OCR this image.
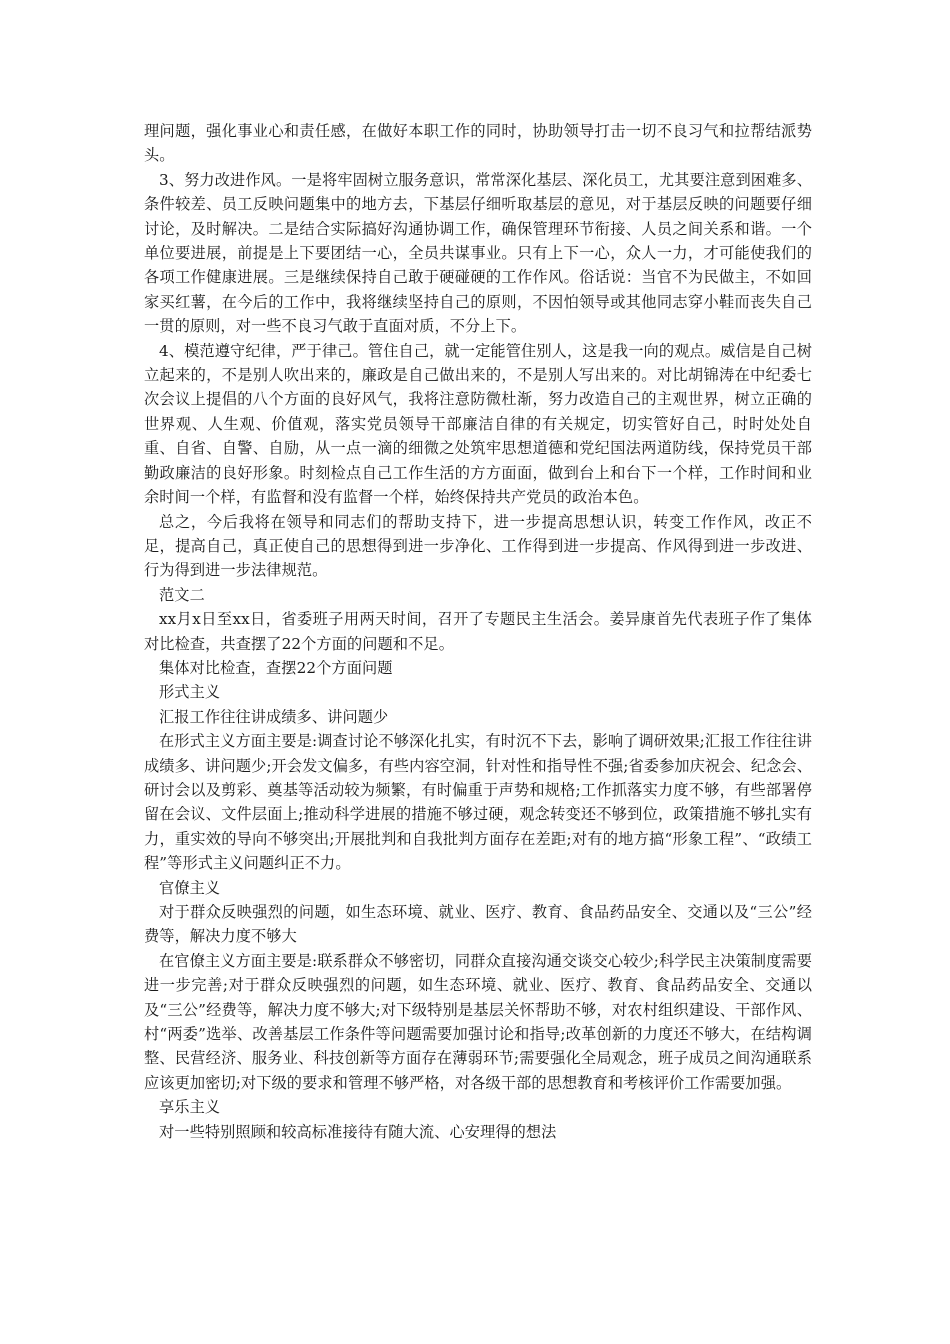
理问题，强化事业心和责任感，在做好本职工作的同时，协助领导打击一切不良习气和拉帮结派势头。

3、努力改进作风。一是将牢固树立服务意识，常常深化基层、深化员工，尤其要注意到困难多、条件较差、员工反映问题集中的地方去，下基层仔细听取基层的意见，对于基层反映的问题要仔细讨论，及时解决。二是结合实际搞好沟通协调工作，确保管理环节衔接、人员之间关系和谐。一个单位要进展，前提是上下要团结一心，全员共谋事业。只有上下一心，众人一力，才可能使我们的各项工作健康进展。三是继续保持自己敢于硬碰硬的工作作风。俗话说：当官不为民做主，不如回家买红薯，在今后的工作中，我将继续坚持自己的原则，不因怕领导或其他同志穿小鞋而丧失自己一贯的原则，对一些不良习气敢于直面对质，不分上下。

4、模范遵守纪律，严于律己。管住自己，就一定能管住别人，这是我一向的观点。威信是自己树立起来的，不是别人吹出来的，廉政是自己做出来的，不是别人写出来的。对比胡锦涛在中纪委七次会议上提倡的八个方面的良好风气，我将注意防微杜渐，努力改造自己的主观世界，树立正确的世界观、人生观、价值观，落实党员领导干部廉洁自律的有关规定，切实管好自己，时时处处自重、自省、自警、自励，从一点一滴的细微之处筑牢思想道德和党纪国法两道防线，保持党员干部勤政廉洁的良好形象。时刻检点自己工作生活的方方面面，做到台上和台下一个样，工作时间和业余时间一个样，有监督和没有监督一个样，始终保持共产党员的政治本色。

总之，今后我将在领导和同志们的帮助支持下，进一步提高思想认识，转变工作作风，改正不足，提高自己，真正使自己的思想得到进一步净化、工作得到进一步提高、作风得到进一步改进、行为得到进一步法律规范。

范文二

xx月x日至xx日，省委班子用两天时间，召开了专题民主生活会。姜异康首先代表班子作了集体对比检查，共查摆了22个方面的问题和不足。

集体对比检查，查摆22个方面问题

形式主义

汇报工作往往讲成绩多、讲问题少

在形式主义方面主要是:调查讨论不够深化扎实，有时沉不下去，影响了调研效果;汇报工作往往讲成绩多、讲问题少;开会发文偏多，有些内容空洞，针对性和指导性不强;省委参加庆祝会、纪念会、研讨会以及剪彩、奠基等活动较为频繁，有时偏重于声势和规格;工作抓落实力度不够，有些部署停留在会议、文件层面上;推动科学进展的措施不够过硬，观念转变还不够到位，政策措施不够扎实有力，重实效的导向不够突出;开展批判和自我批判方面存在差距;对有的地方搞“形象工程”、“政绩工程”等形式主义问题纠正不力。

官僚主义

对于群众反映强烈的问题，如生态环境、就业、医疗、教育、食品药品安全、交通以及“三公”经费等，解决力度不够大

在官僚主义方面主要是:联系群众不够密切，同群众直接沟通交谈交心较少;科学民主决策制度需要进一步完善;对于群众反映强烈的问题，如生态环境、就业、医疗、教育、食品药品安全、交通以及“三公”经费等，解决力度不够大;对下级特别是基层关怀帮助不够，对农村组织建设、干部作风、村“两委”选举、改善基层工作条件等问题需要加强讨论和指导;改革创新的力度还不够大，在结构调整、民营经济、服务业、科技创新等方面存在薄弱环节;需要强化全局观念，班子成员之间沟通联系应该更加密切;对下级的要求和管理不够严格，对各级干部的思想教育和考核评价工作需要加强。

享乐主义

对一些特别照顾和较高标准接待有随大流、心安理得的想法
